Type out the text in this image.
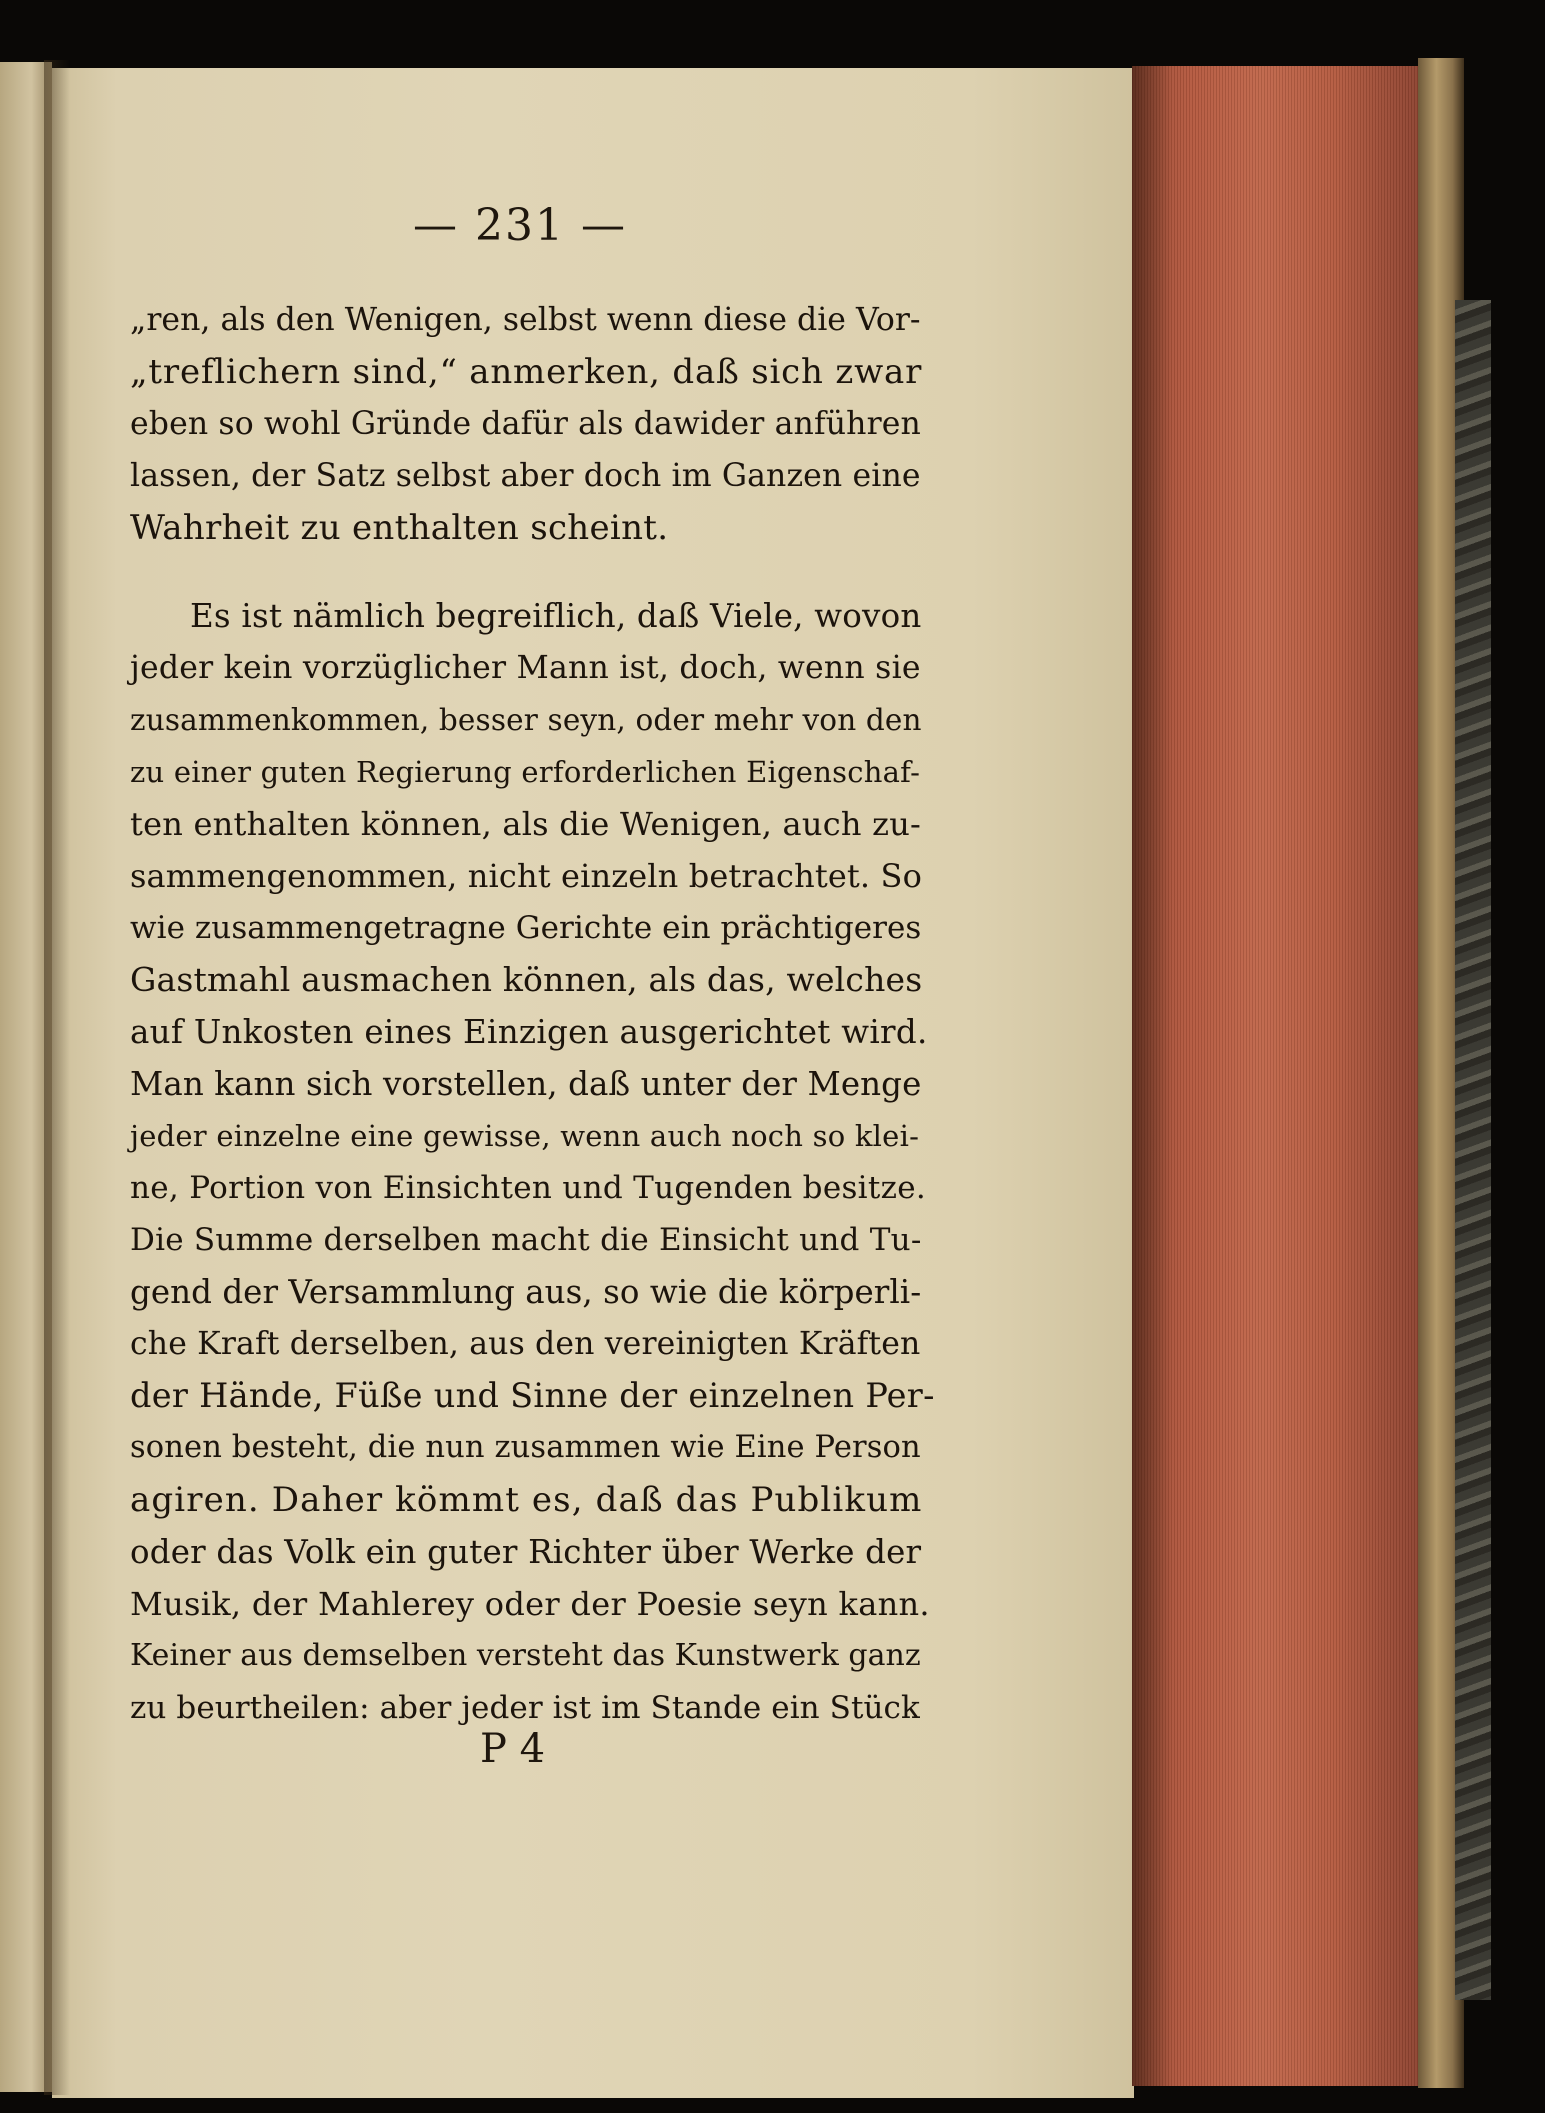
— 231 —
„ren, als den Wenigen, selbst wenn diese die Vor-
„treflichern sind,“ anmerken, daß sich zwar
eben so wohl Gründe dafür als dawider anführen
lassen, der Satz selbst aber doch im Ganzen eine
Wahrheit zu enthalten scheint.
Es ist nämlich begreiflich, daß Viele, wovon
jeder kein vorzüglicher Mann ist, doch, wenn sie
zusammenkommen, besser seyn, oder mehr von den
zu einer guten Regierung erforderlichen Eigenschaf-
ten enthalten können, als die Wenigen, auch zu-
sammengenommen, nicht einzeln betrachtet. So
wie zusammengetragne Gerichte ein prächtigeres
Gastmahl ausmachen können, als das, welches
auf Unkosten eines Einzigen ausgerichtet wird.
Man kann sich vorstellen, daß unter der Menge
jeder einzelne eine gewisse, wenn auch noch so klei-
ne, Portion von Einsichten und Tugenden besitze.
Die Summe derselben macht die Einsicht und Tu-
gend der Versammlung aus, so wie die körperli-
che Kraft derselben, aus den vereinigten Kräften
der Hände, Füße und Sinne der einzelnen Per-
sonen besteht, die nun zusammen wie Eine Person
agiren. Daher kömmt es, daß das Publikum
oder das Volk ein guter Richter über Werke der
Musik, der Mahlerey oder der Poesie seyn kann.
Keiner aus demselben versteht das Kunstwerk ganz
zu beurtheilen: aber jeder ist im Stande ein Stück
P 4
